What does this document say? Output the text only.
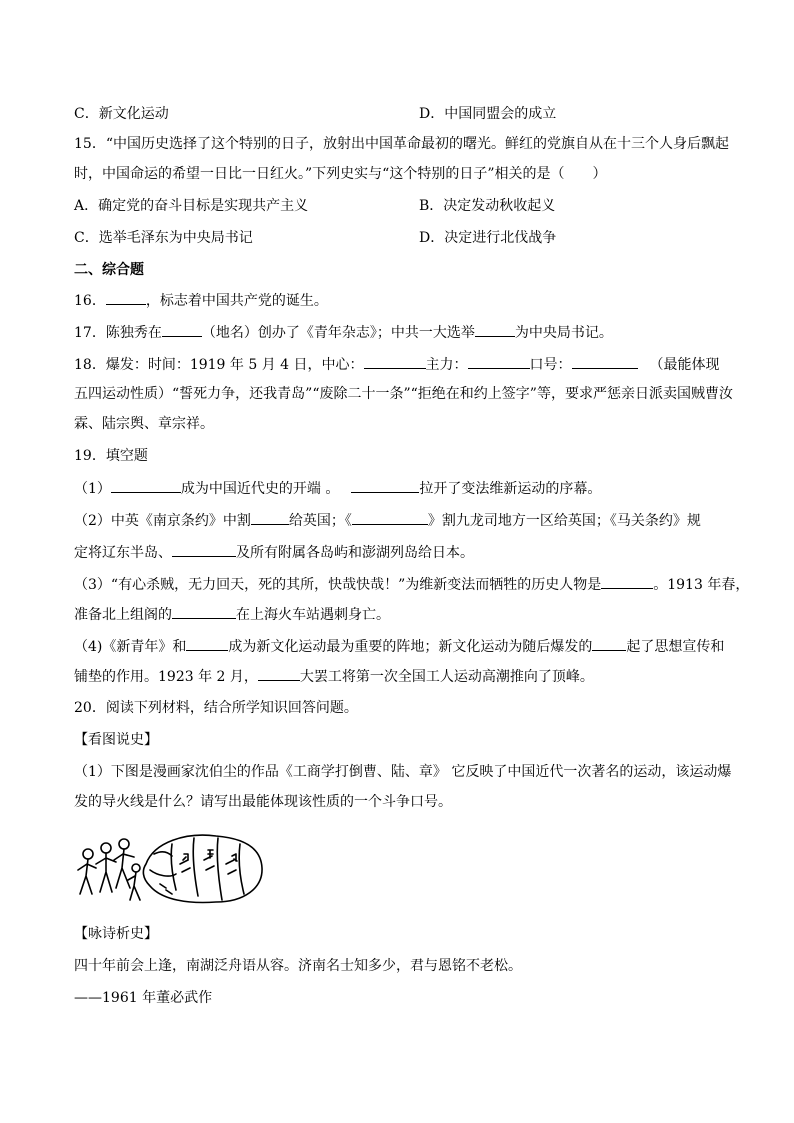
C．新文化运动	D．中国同盟会的成立
15．“中国历史选择了这个特别的日子，放射出中国革命最初的曙光。鲜红的党旗自从在十三个人身后飘起
时，中国命运的希望一日比一日红火。”下列史实与“这个特别的日子”相关的是（　　）
A．确定党的奋斗目标是实现共产主义	B．决定发动秋收起义
C．选举毛泽东为中央局书记	D．决定进行北伐战争
二、综合题
16．	，标志着中国共产党的诞生。
17．陈独秀在	（地名）创办了《青年杂志》；中共一大选举	为中央局书记。
18．爆发：时间：1919 年 5 月 4 日，中心：	主力：	口号：	（最能体现
五四运动性质）“誓死力争，还我青岛”“废除二十一条”“拒绝在和约上签字”等，要求严惩亲日派卖国贼曹汝
霖、陆宗舆、章宗祥。
19．填空题
（1）	成为中国近代史的开端 。	拉开了变法维新运动的序幕。
（2）中英《南京条约》中割	给英国；《	》割九龙司地方一区给英国；《马关条约》规
定将辽东半岛、	及所有附属各岛屿和澎湖列岛给日本。
（3）“有心杀贼，无力回天，死的其所，快哉快哉！”为维新变法而牺牲的历史人物是	。1913 年春，
准备北上组阁的	在上海火车站遇刺身亡。
（4)《新青年》和	成为新文化运动最为重要的阵地；新文化运动为随后爆发的 起了思想宣传和
铺垫的作用。1923 年 2 月，	大罢工将第一次全国工人运动高潮推向了顶峰。
20．阅读下列材料，结合所学知识回答问题。
【看图说史】
（1）下图是漫画家沈伯尘的作品《工商学打倒曹、陆、章》 它反映了中国近代一次著名的运动，该运动爆
发的导火线是什么？请写出最能体现该性质的一个斗争口号。
【咏诗析史】
四十年前会上逢，南湖泛舟语从容。济南名士知多少，君与恩铭不老松。
——1961 年董必武作
